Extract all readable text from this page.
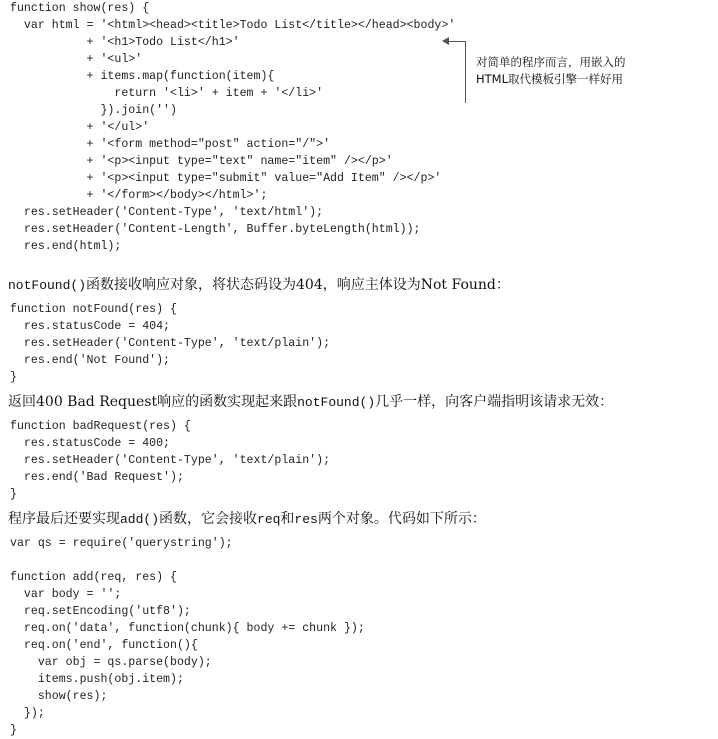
function show(res) {
var html = '<html><head><title>Todo List</title></head><body>'
+ '<h1>Todo List</h1>'
+ '<ul>'
+ items.map(function(item){
return '<li>' + item + '</li>'
}).join('')
+ '</ul>'
+ '<form method="post" action="/">'
+ '<p><input type="text" name="item" /></p>'
+ '<p><input type="submit" value="Add Item" /></p>'
+ '</form></body></html>';
res.setHeader('Content-Type', 'text/html');
res.setHeader('Content-Length', Buffer.byteLength(html));
res.end(html);
对简单的程序而言，用嵌入的
HTML取代模板引擎一样好用

notFound()函数接收响应对象，将状态码设为404，响应主体设为Not Found：

function notFound(res) {
res.statusCode = 404;
res.setHeader('Content-Type', 'text/plain');
res.end('Not Found');
}

返回400 Bad Request响应的函数实现起来跟notFound()几乎一样，向客户端指明该请求无效：

function badRequest(res) {
res.statusCode = 400;
res.setHeader('Content-Type', 'text/plain');
res.end('Bad Request');
}

程序最后还要实现add()函数，它会接收req和res两个对象。代码如下所示：

var qs = require('querystring');
function add(req, res) {
var body = '';
req.setEncoding('utf8');
req.on('data', function(chunk){ body += chunk });
req.on('end', function(){
var obj = qs.parse(body);
items.push(obj.item);
show(res);
});
}
